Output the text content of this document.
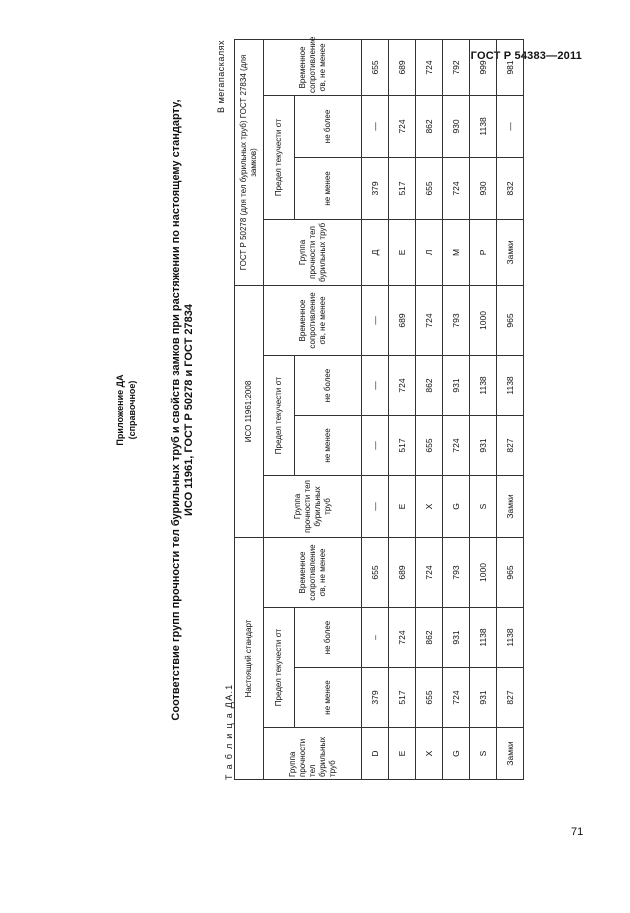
ГОСТ Р 54383—2011
Приложение ДА (справочное)	Соответствие групп прочности тел бурильных труб и свойств замков при растяжении по настоящему стандарту, ИСО 11961, ГОСТ Р 50278 и ГОСТ 27834
Т а б л и ц а ДА.1
В мегапаскалях
Настоящий стандарт				ИСО 11961:2008				ГОСТ Р 50278 (для тел бурильных труб) ГОСТ 27834 (для замков)			
Группа прочности тел бурильных труб	Предел текучести σт		Временное сопротивление σв, не менее	Группа прочности тел бурильных труб	Предел текучести σт		Временное сопротивление σв, не менее	Группа прочности тел бурильных труб	Предел текучести σт		Временное сопротивление σв, не менее
	не менее	не более			не менее	не более			не менее	не более	
D	379	–	655	—	—	—	—	Д	379	—	655
E	517	724	689	E	517	724	689	Е	517	724	689
X	655	862	724	X	655	862	724	Л	655	862	724
G	724	931	793	G	724	931	793	М	724	930	792
S	931	1138	1000	S	931	1138	1000	Р	930	1138	999
Замки	827	1138	965	Замки	827	1138	965	Замки	832	—	981
71
